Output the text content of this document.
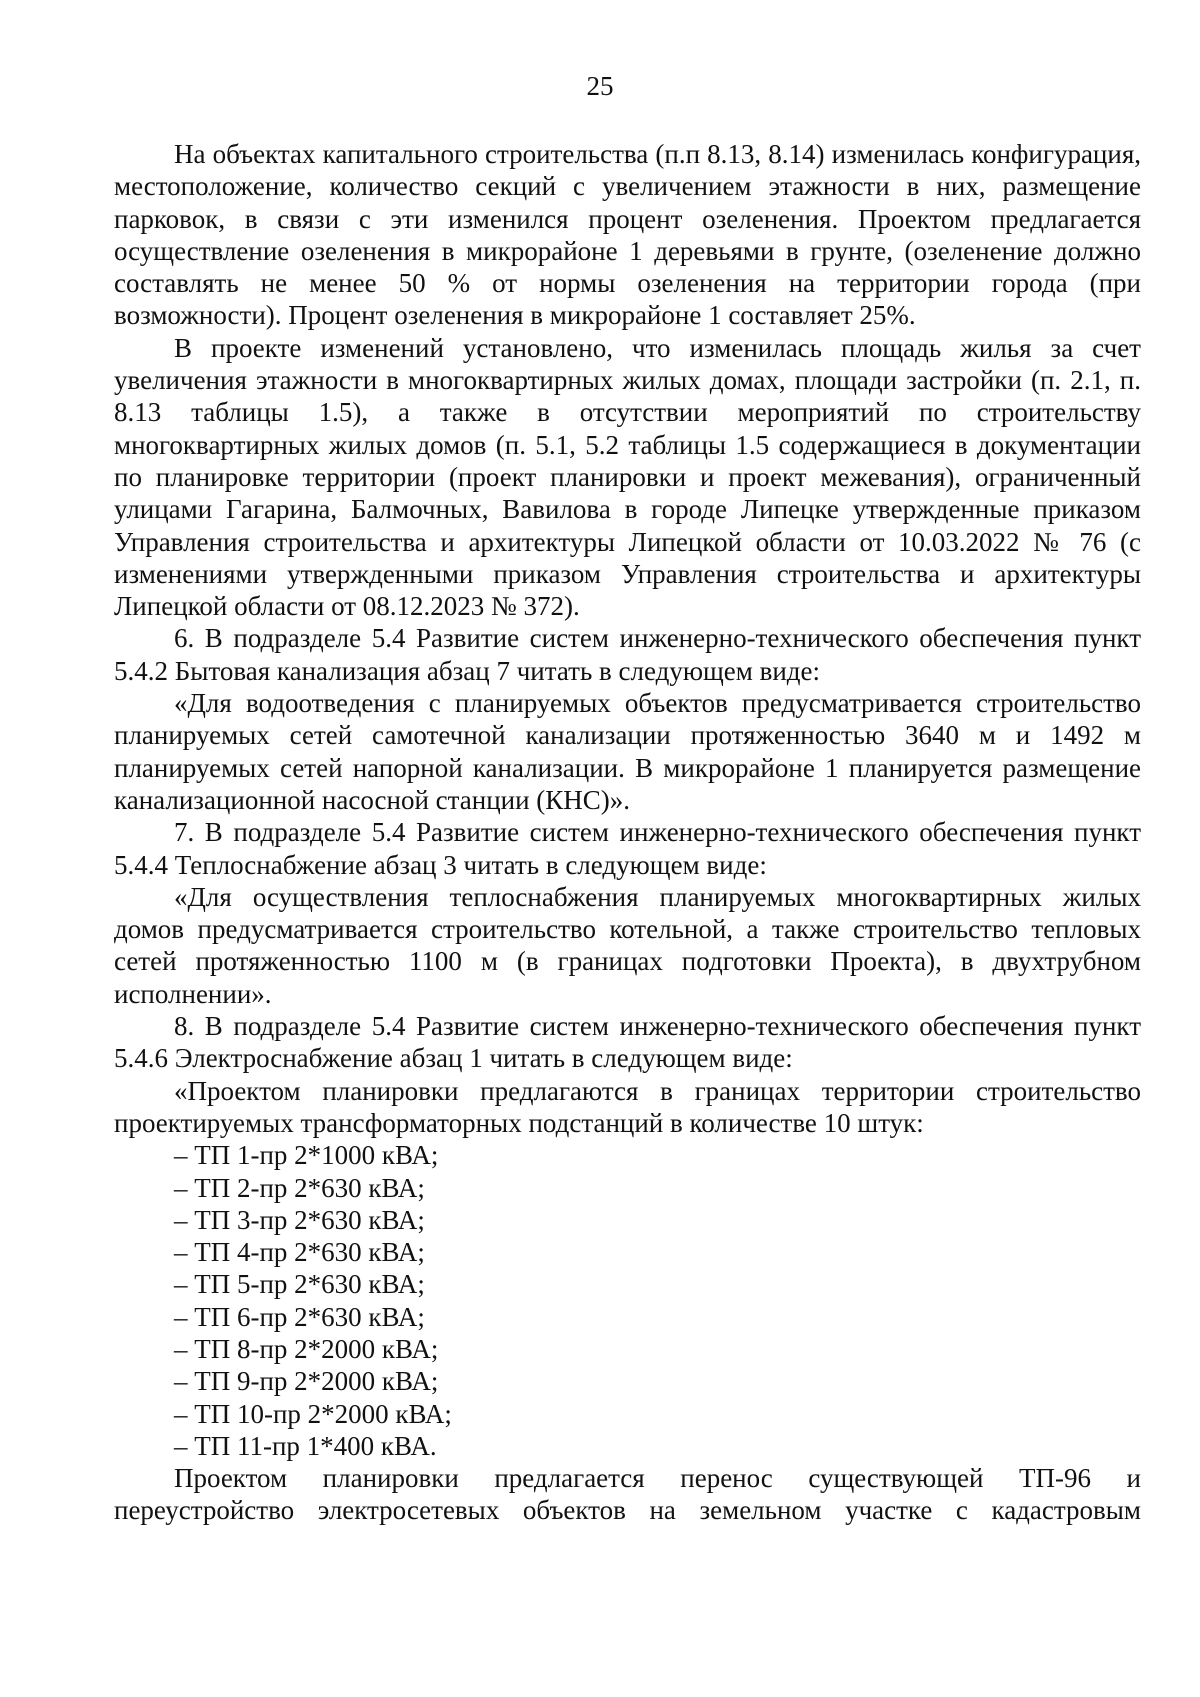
25

На объектах капитального строительства (п.п 8.13, 8.14) изменилась конфигурация, местоположение, количество секций с увеличением этажности в них, размещение парковок, в связи с эти изменился процент озеленения. Проектом предлагается осуществление озеленения в микрорайоне 1 деревьями в грунте, (озеленение должно составлять не менее 50 % от нормы озеленения на территории города (при возможности). Процент озеленения в микрорайоне 1 составляет 25%.

В проекте изменений установлено, что изменилась площадь жилья за счет увеличения этажности в многоквартирных жилых домах, площади застройки (п. 2.1, п. 8.13 таблицы 1.5), а также в отсутствии мероприятий по строительству многоквартирных жилых домов (п. 5.1, 5.2 таблицы 1.5 содержащиеся в документации по планировке территории (проект планировки и проект межевания), ограниченный улицами Гагарина, Балмочных, Вавилова в городе Липецке утвержденные приказом Управления строительства и архитектуры Липецкой области от 10.03.2022 № 76 (с изменениями утвержденными приказом Управления строительства и архитектуры Липецкой области от 08.12.2023 № 372).

6. В подразделе 5.4 Развитие систем инженерно-технического обеспечения пункт 5.4.2 Бытовая канализация абзац 7 читать в следующем виде:

«Для водоотведения с планируемых объектов предусматривается строительство планируемых сетей самотечной канализации протяженностью 3640 м и 1492 м планируемых сетей напорной канализации. В микрорайоне 1 планируется размещение канализационной насосной станции (КНС)».

7. В подразделе 5.4 Развитие систем инженерно-технического обеспечения пункт 5.4.4 Теплоснабжение абзац 3 читать в следующем виде:

«Для осуществления теплоснабжения планируемых многоквартирных жилых домов предусматривается строительство котельной, а также строительство тепловых сетей протяженностью 1100 м (в границах подготовки Проекта), в двухтрубном исполнении».

8. В подразделе 5.4 Развитие систем инженерно-технического обеспечения пункт 5.4.6 Электроснабжение абзац 1 читать в следующем виде:

«Проектом планировки предлагаются в границах территории строительство проектируемых трансформаторных подстанций в количестве 10 штук:

– ТП 1-пр 2*1000 кВА;

– ТП 2-пр 2*630 кВА;

– ТП 3-пр 2*630 кВА;

– ТП 4-пр 2*630 кВА;

– ТП 5-пр 2*630 кВА;

– ТП 6-пр 2*630 кВА;

– ТП 8-пр 2*2000 кВА;

– ТП 9-пр 2*2000 кВА;

– ТП 10-пр 2*2000 кВА;

– ТП 11-пр 1*400 кВА.

Проектом планировки предлагается перенос существующей ТП-96 и переустройство электросетевых объектов на земельном участке с кадастровым
